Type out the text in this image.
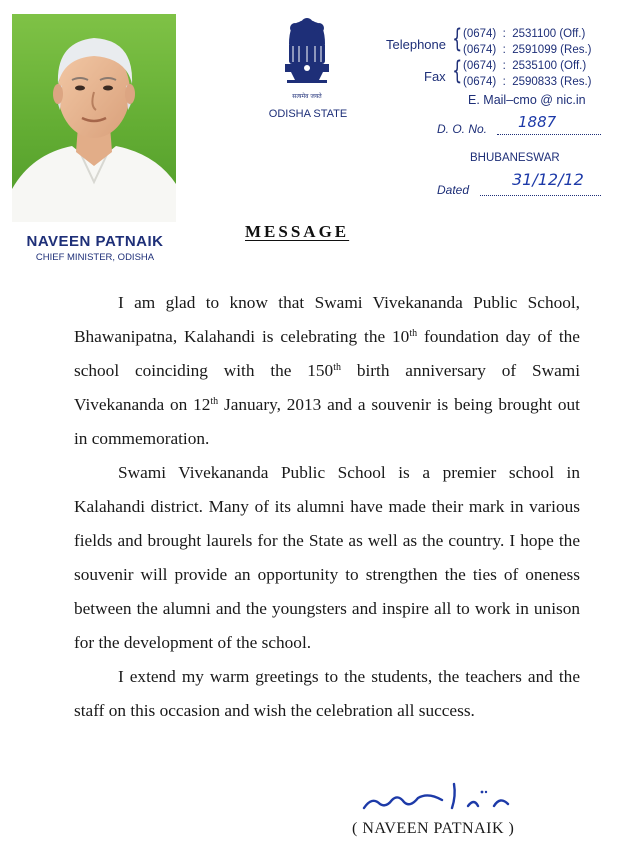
NAVEEN PATNAIK
CHIEF MINISTER, ODISHA
सत्यमेव जयते
ODISHA STATE
Telephone { (0674)  :  2531100 (Off.)
(0674)  :  2591099 (Res.)
Fax { (0674)  :  2535100 (Off.)
(0674)  :  2590833 (Res.)
E. Mail–cmo @ nic.in
D. O. No. 1887
BHUBANESWAR
Dated
31/12/12
MESSAGE

I am glad to know that Swami Vivekananda Public School, Bhawanipatna, Kalahandi is celebrating the 10th foundation day of the school coinciding with the 150th birth anniversary of Swami Vivekananda on 12th January, 2013 and a souvenir is being brought out in commemoration.

Swami Vivekananda Public School is a premier school in Kalahandi district. Many of its alumni have made their mark in various fields and brought laurels for the State as well as the country. I hope the souvenir will provide an opportunity to strengthen the ties of oneness between the alumni and the youngsters and inspire all to work in unison for the development of the school.

I extend my warm greetings to the students, the teachers and the staff on this occasion and wish the celebration all success.

( NAVEEN PATNAIK )
